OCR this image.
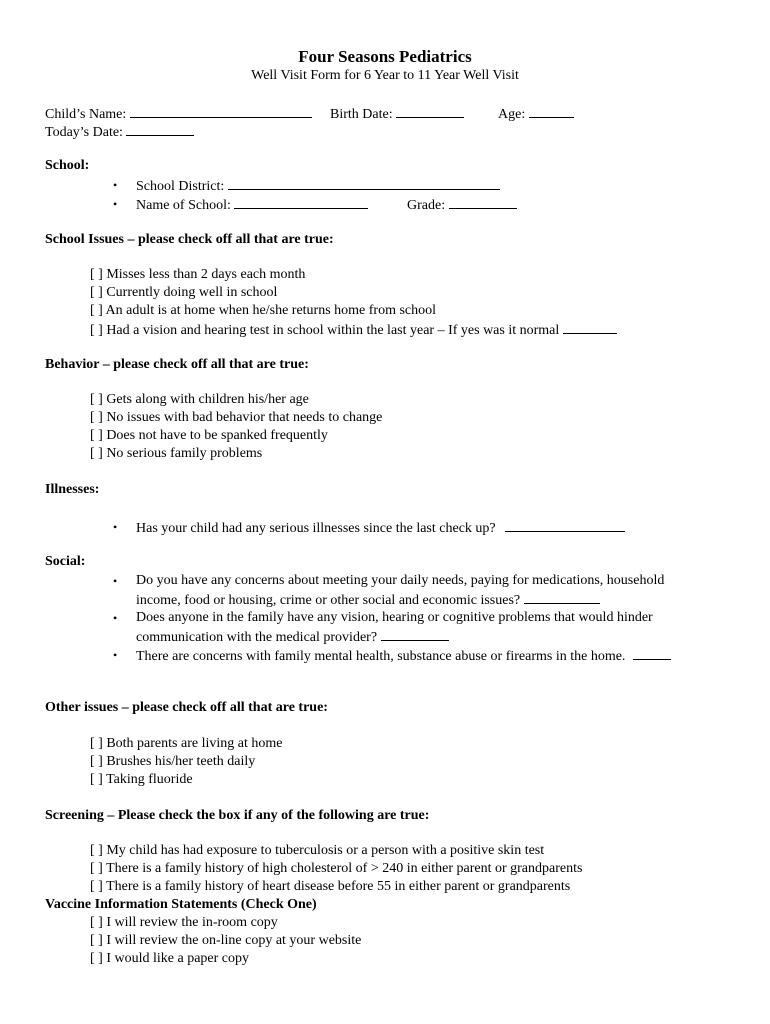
Four Seasons Pediatrics
Well Visit Form for 6 Year to 11 Year Well Visit
Child’s Name:	Birth Date:	Age:
Today’s Date:
School:
• School District:
• Name of School:	Grade:
School Issues – please check off all that are true:
[ ] Misses less than 2 days each month
[ ] Currently doing well in school
[ ] An adult is at home when he/she returns home from school
[ ] Had a vision and hearing test in school within the last year – If yes was it normal
Behavior – please check off all that are true:
[ ] Gets along with children his/her age
[ ] No issues with bad behavior that needs to change
[ ] Does not have to be spanked frequently
[ ] No serious family problems
Illnesses:
• Has your child had any serious illnesses since the last check up?
Social:
• Do you have any concerns about meeting your daily needs, paying for medications, household
income, food or housing, crime or other social and economic issues?
• Does anyone in the family have any vision, hearing or cognitive problems that would hinder
communication with the medical provider?
• There are concerns with family mental health, substance abuse or firearms in the home.
Other issues – please check off all that are true:
[ ] Both parents are living at home
[ ] Brushes his/her teeth daily
[ ] Taking fluoride
Screening – Please check the box if any of the following are true:
[ ] My child has had exposure to tuberculosis or a person with a positive skin test
[ ] There is a family history of high cholesterol of > 240 in either parent or grandparents
[ ] There is a family history of heart disease before 55 in either parent or grandparents
Vaccine Information Statements (Check One)
[ ] I will review the in-room copy
[ ] I will review the on-line copy at your website
[ ] I would like a paper copy
